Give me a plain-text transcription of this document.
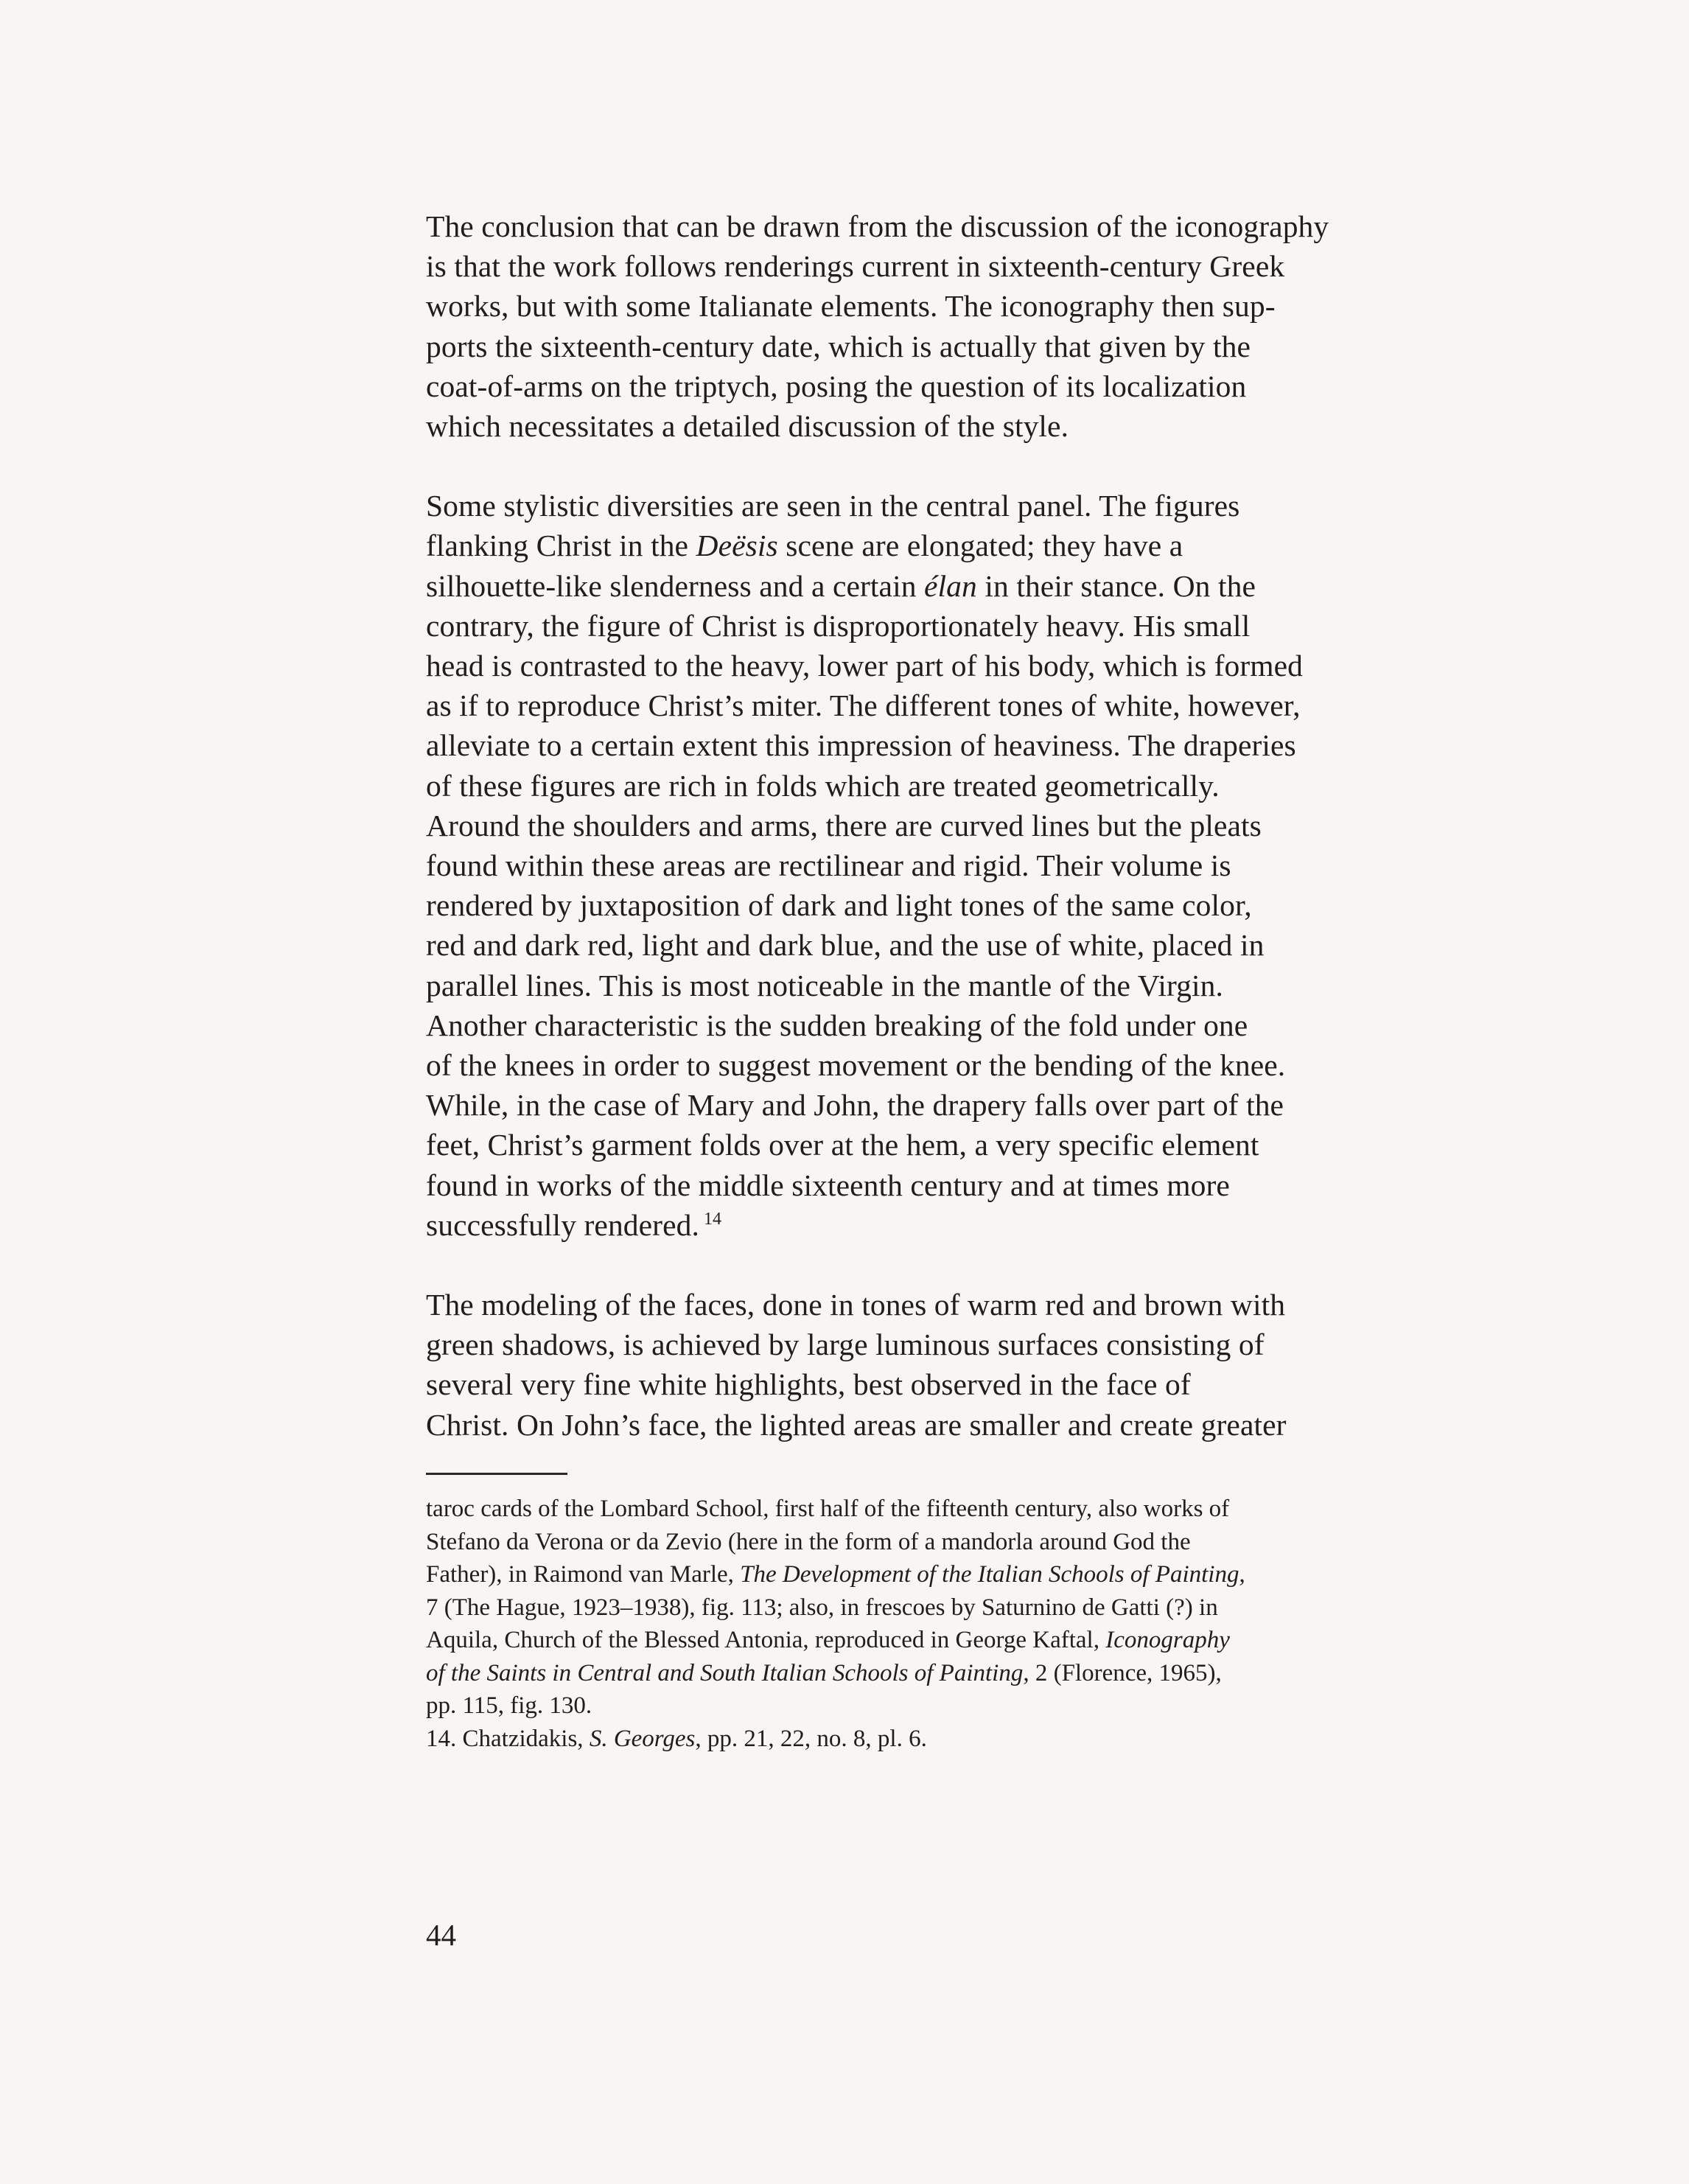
The conclusion that can be drawn from the discussion of the iconography
is that the work follows renderings current in sixteenth-century Greek
works, but with some Italianate elements. The iconography then sup-
ports the sixteenth-century date, which is actually that given by the
coat-of-arms on the triptych, posing the question of its localization
which necessitates a detailed discussion of the style.
Some stylistic diversities are seen in the central panel. The figures
flanking Christ in the Deësis scene are elongated; they have a
silhouette-like slenderness and a certain élan in their stance. On the
contrary, the figure of Christ is disproportionately heavy. His small
head is contrasted to the heavy, lower part of his body, which is formed
as if to reproduce Christ’s miter. The different tones of white, however,
alleviate to a certain extent this impression of heaviness. The draperies
of these figures are rich in folds which are treated geometrically.
Around the shoulders and arms, there are curved lines but the pleats
found within these areas are rectilinear and rigid. Their volume is
rendered by juxtaposition of dark and light tones of the same color,
red and dark red, light and dark blue, and the use of white, placed in
parallel lines. This is most noticeable in the mantle of the Virgin.
Another characteristic is the sudden breaking of the fold under one
of the knees in order to suggest movement or the bending of the knee.
While, in the case of Mary and John, the drapery falls over part of the
feet, Christ’s garment folds over at the hem, a very specific element
found in works of the middle sixteenth century and at times more
successfully rendered. $^{14}$
The modeling of the faces, done in tones of warm red and brown with
green shadows, is achieved by large luminous surfaces consisting of
several very fine white highlights, best observed in the face of
Christ. On John’s face, the lighted areas are smaller and create greater
taroc cards of the Lombard School, first half of the fifteenth century, also works of
Stefano da Verona or da Zevio (here in the form of a mandorla around God the
Father), in Raimond van Marle, The Development of the Italian Schools of Painting,
7 (The Hague, 1923–1938), fig. 113; also, in frescoes by Saturnino de Gatti (?) in
Aquila, Church of the Blessed Antonia, reproduced in George Kaftal, Iconography
of the Saints in Central and South Italian Schools of Painting, 2 (Florence, 1965),
pp. 115, fig. 130.
14. Chatzidakis, S. Georges, pp. 21, 22, no. 8, pl. 6.
44
